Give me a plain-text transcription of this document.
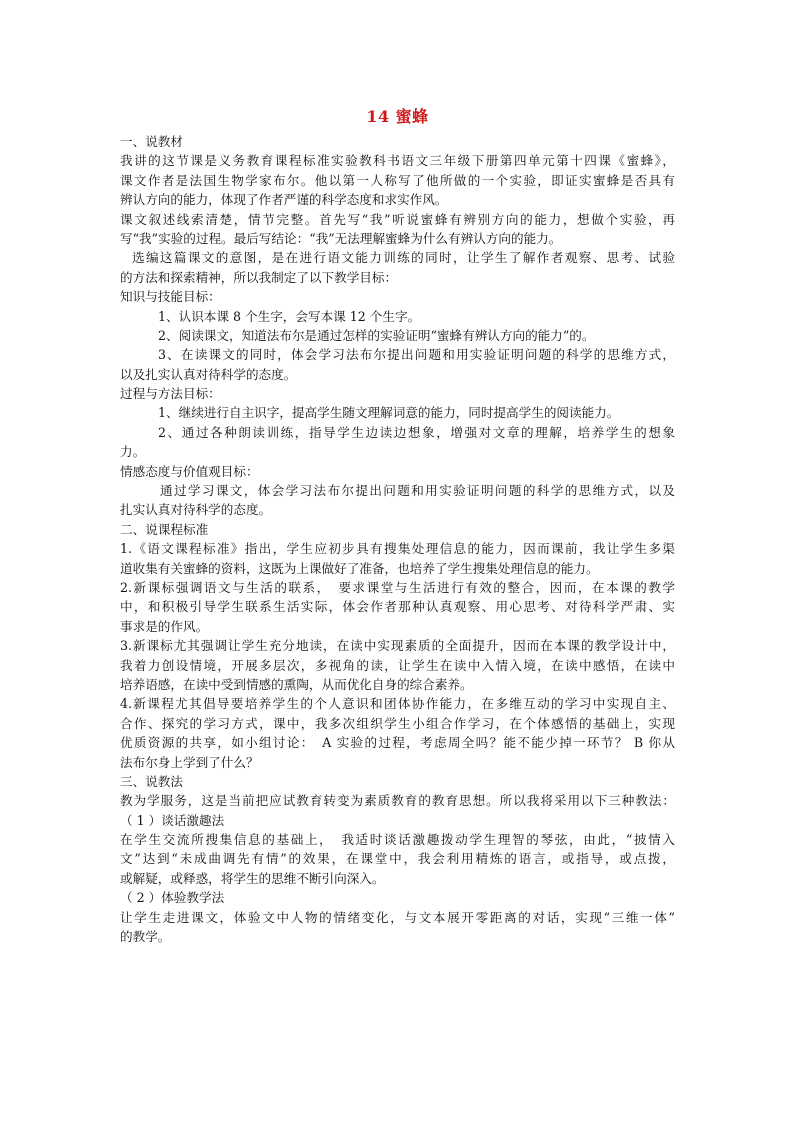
14 蜜蜂

一、说教材

我讲的这节课是义务教育课程标准实验教科书语文三年级下册第四单元第十四课《蜜蜂》，

课文作者是法国生物学家布尔。他以第一人称写了他所做的一个实验，即证实蜜蜂是否具有

辨认方向的能力，体现了作者严谨的科学态度和求实作风。

课文叙述线索清楚，情节完整。首先写“我”听说蜜蜂有辨别方向的能力，想做个实验，再

写“我”实验的过程。最后写结论：“我”无法理解蜜蜂为什么有辨认方向的能力。

选编这篇课文的意图，是在进行语文能力训练的同时，让学生了解作者观察、思考、试验

的方法和探索精神，所以我制定了以下教学目标：

知识与技能目标：

1、认识本课 8 个生字，会写本课 12 个生字。

2、阅读课文，知道法布尔是通过怎样的实验证明“蜜蜂有辨认方向的能力”的。

3、在读课文的同时，体会学习法布尔提出问题和用实验证明问题的科学的思维方式，

以及扎实认真对待科学的态度。

过程与方法目标：

1、继续进行自主识字，提高学生随文理解词意的能力，同时提高学生的阅读能力。

2、通过各种朗读训练，指导学生边读边想象，增强对文章的理解，培养学生的想象

力。

情感态度与价值观目标：

通过学习课文，体会学习法布尔提出问题和用实验证明问题的科学的思维方式，以及

扎实认真对待科学的态度。

二、说课程标准

1.《语文课程标准》指出，学生应初步具有搜集处理信息的能力，因而课前，我让学生多渠

道收集有关蜜蜂的资料，这既为上课做好了准备，也培养了学生搜集处理信息的能力。

2.新课标强调语文与生活的联系，　要求课堂与生活进行有效的整合，因而，在本课的教学

中，和积极引导学生联系生活实际，体会作者那种认真观察、用心思考、对待科学严肃、实

事求是的作风。

3.新课标尤其强调让学生充分地读，在读中实现素质的全面提升，因而在本课的教学设计中，

我着力创设情境，开展多层次，多视角的读，让学生在读中入情入境，在读中感悟，在读中

培养语感，在读中受到情感的熏陶，从而优化自身的综合素养。

4.新课程尤其倡导要培养学生的个人意识和团体协作能力，在多维互动的学习中实现自主、

合作、探究的学习方式，课中，我多次组织学生小组合作学习，在个体感悟的基础上，实现

优质资源的共享，如小组讨论：　A 实验的过程，考虑周全吗？能不能少掉一环节？ B 你从

法布尔身上学到了什么？

三、说教法

教为学服务，这是当前把应试教育转变为素质教育的教育思想。所以我将采用以下三种教法：

（ 1 ）谈话激趣法

在学生交流所搜集信息的基础上，　我适时谈话激趣拨动学生理智的琴弦，由此，“披情入

文”达到“未成曲调先有情”的效果，在课堂中，我会利用精炼的语言，或指导，或点拨，

或解疑，或释惑，将学生的思维不断引向深入。

（ 2 ）体验教学法

让学生走进课文，体验文中人物的情绪变化，与文本展开零距离的对话，实现“三维一体”

的教学。
